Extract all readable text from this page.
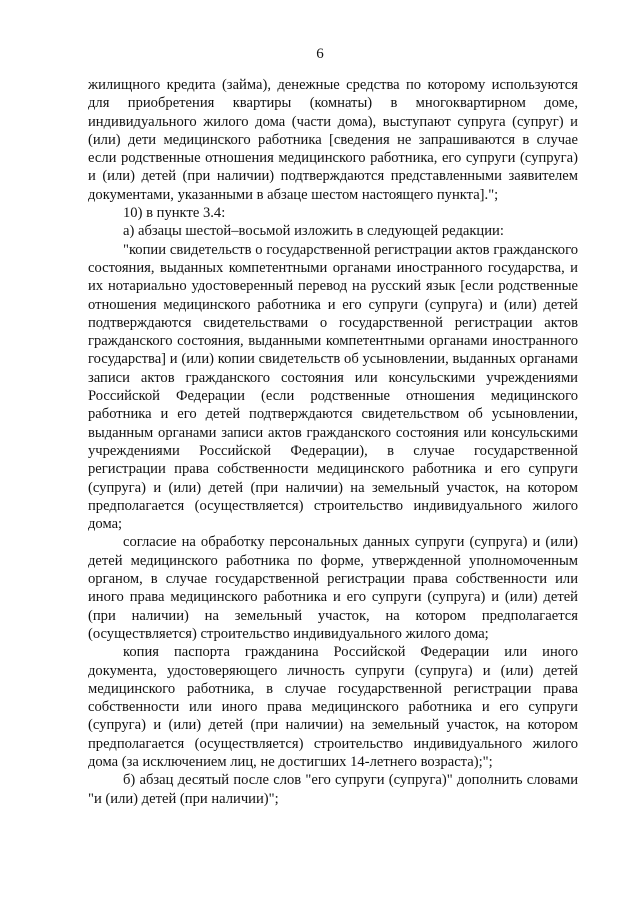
6

жилищного кредита (займа), денежные средства по которому используются для приобретения квартиры (комнаты) в многоквартирном доме, индивидуального жилого дома (части дома), выступают супруга (супруг) и (или) дети медицинского работника [сведения не запрашиваются в случае если родственные отношения медицинского работника, его супруги (супруга) и (или) детей (при наличии) подтверждаются представленными заявителем документами, указанными в абзаце шестом настоящего пункта].";

10) в пункте 3.4:

а) абзацы шестой–восьмой изложить в следующей редакции:

"копии свидетельств о государственной регистрации актов гражданского состояния, выданных компетентными органами иностранного государства, и их нотариально удостоверенный перевод на русский язык [если родственные отношения медицинского работника и его супруги (супруга) и (или) детей подтверждаются свидетельствами о государственной регистрации актов гражданского состояния, выданными компетентными органами иностранного государства] и (или) копии свидетельств об усыновлении, выданных органами записи актов гражданского состояния или консульскими учреждениями Российской Федерации (если родственные отношения медицинского работника и его детей подтверждаются свидетельством об усыновлении, выданным органами записи актов гражданского состояния или консульскими учреждениями Российской Федерации), в случае государственной регистрации права собственности медицинского работника и его супруги (супруга) и (или) детей (при наличии) на земельный участок, на котором предполагается (осуществляется) строительство индивидуального жилого дома;

согласие на обработку персональных данных супруги (супруга) и (или) детей медицинского работника по форме, утвержденной уполномоченным органом, в случае государственной регистрации права собственности или иного права медицинского работника и его супруги (супруга) и (или) детей (при наличии) на земельный участок, на котором предполагается (осуществляется) строительство индивидуального жилого дома;

копия паспорта гражданина Российской Федерации или иного документа, удостоверяющего личность супруги (супруга) и (или) детей медицинского работника, в случае государственной регистрации права собственности или иного права медицинского работника и его супруги (супруга) и (или) детей (при наличии) на земельный участок, на котором предполагается (осуществляется) строительство индивидуального жилого дома (за исключением лиц, не достигших 14-летнего возраста);";

б) абзац десятый после слов "его супруги (супруга)" дополнить словами "и (или) детей (при наличии)";
